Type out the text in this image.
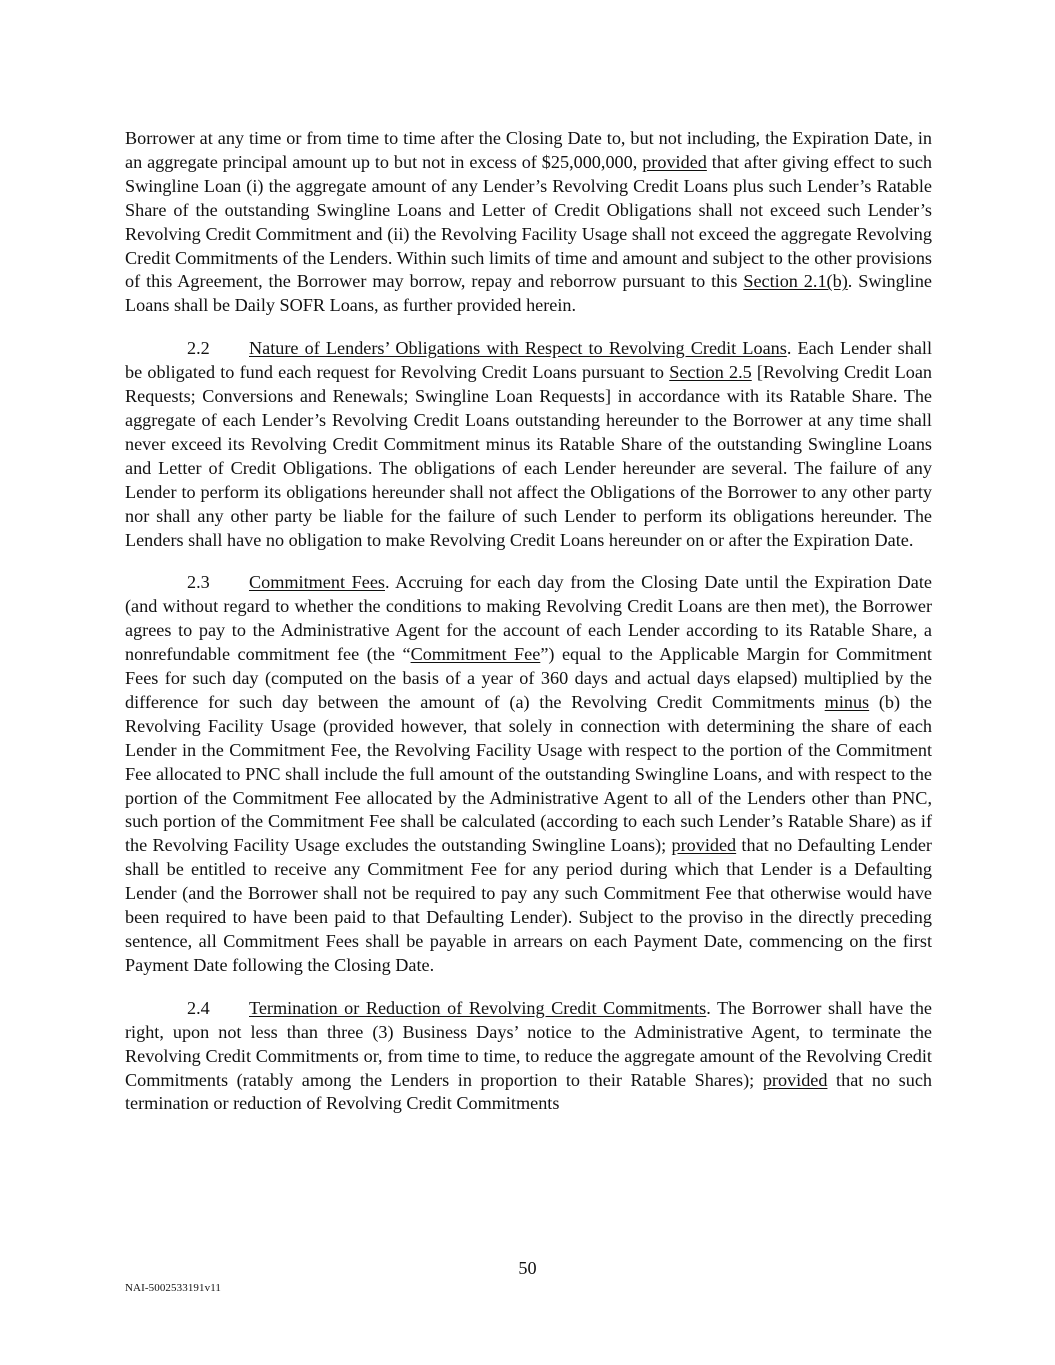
Borrower at any time or from time to time after the Closing Date to, but not including, the Expiration Date, in an aggregate principal amount up to but not in excess of $25,000,000, provided that after giving effect to such Swingline Loan (i) the aggregate amount of any Lender’s Revolving Credit Loans plus such Lender’s Ratable Share of the outstanding Swingline Loans and Letter of Credit Obligations shall not exceed such Lender’s Revolving Credit Commitment and (ii) the Revolving Facility Usage shall not exceed the aggregate Revolving Credit Commitments of the Lenders. Within such limits of time and amount and subject to the other provisions of this Agreement, the Borrower may borrow, repay and reborrow pursuant to this Section 2.1(b). Swingline Loans shall be Daily SOFR Loans, as further provided herein.

2.2 Nature of Lenders’ Obligations with Respect to Revolving Credit Loans. Each Lender shall be obligated to fund each request for Revolving Credit Loans pursuant to Section 2.5 [Revolving Credit Loan Requests; Conversions and Renewals; Swingline Loan Requests] in accordance with its Ratable Share. The aggregate of each Lender’s Revolving Credit Loans outstanding hereunder to the Borrower at any time shall never exceed its Revolving Credit Commitment minus its Ratable Share of the outstanding Swingline Loans and Letter of Credit Obligations. The obligations of each Lender hereunder are several. The failure of any Lender to perform its obligations hereunder shall not affect the Obligations of the Borrower to any other party nor shall any other party be liable for the failure of such Lender to perform its obligations hereunder. The Lenders shall have no obligation to make Revolving Credit Loans hereunder on or after the Expiration Date.

2.3 Commitment Fees. Accruing for each day from the Closing Date until the Expiration Date (and without regard to whether the conditions to making Revolving Credit Loans are then met), the Borrower agrees to pay to the Administrative Agent for the account of each Lender according to its Ratable Share, a nonrefundable commitment fee (the “Commitment Fee”) equal to the Applicable Margin for Commitment Fees for such day (computed on the basis of a year of 360 days and actual days elapsed) multiplied by the difference for such day between the amount of (a) the Revolving Credit Commitments minus (b) the Revolving Facility Usage (provided however, that solely in connection with determining the share of each Lender in the Commitment Fee, the Revolving Facility Usage with respect to the portion of the Commitment Fee allocated to PNC shall include the full amount of the outstanding Swingline Loans, and with respect to the portion of the Commitment Fee allocated by the Administrative Agent to all of the Lenders other than PNC, such portion of the Commitment Fee shall be calculated (according to each such Lender’s Ratable Share) as if the Revolving Facility Usage excludes the outstanding Swingline Loans); provided that no Defaulting Lender shall be entitled to receive any Commitment Fee for any period during which that Lender is a Defaulting Lender (and the Borrower shall not be required to pay any such Commitment Fee that otherwise would have been required to have been paid to that Defaulting Lender). Subject to the proviso in the directly preceding sentence, all Commitment Fees shall be payable in arrears on each Payment Date, commencing on the first Payment Date following the Closing Date.

2.4 Termination or Reduction of Revolving Credit Commitments. The Borrower shall have the right, upon not less than three (3) Business Days’ notice to the Administrative Agent, to terminate the Revolving Credit Commitments or, from time to time, to reduce the aggregate amount of the Revolving Credit Commitments (ratably among the Lenders in proportion to their Ratable Shares); provided that no such termination or reduction of Revolving Credit Commitments

50
NAI-5002533191v11
